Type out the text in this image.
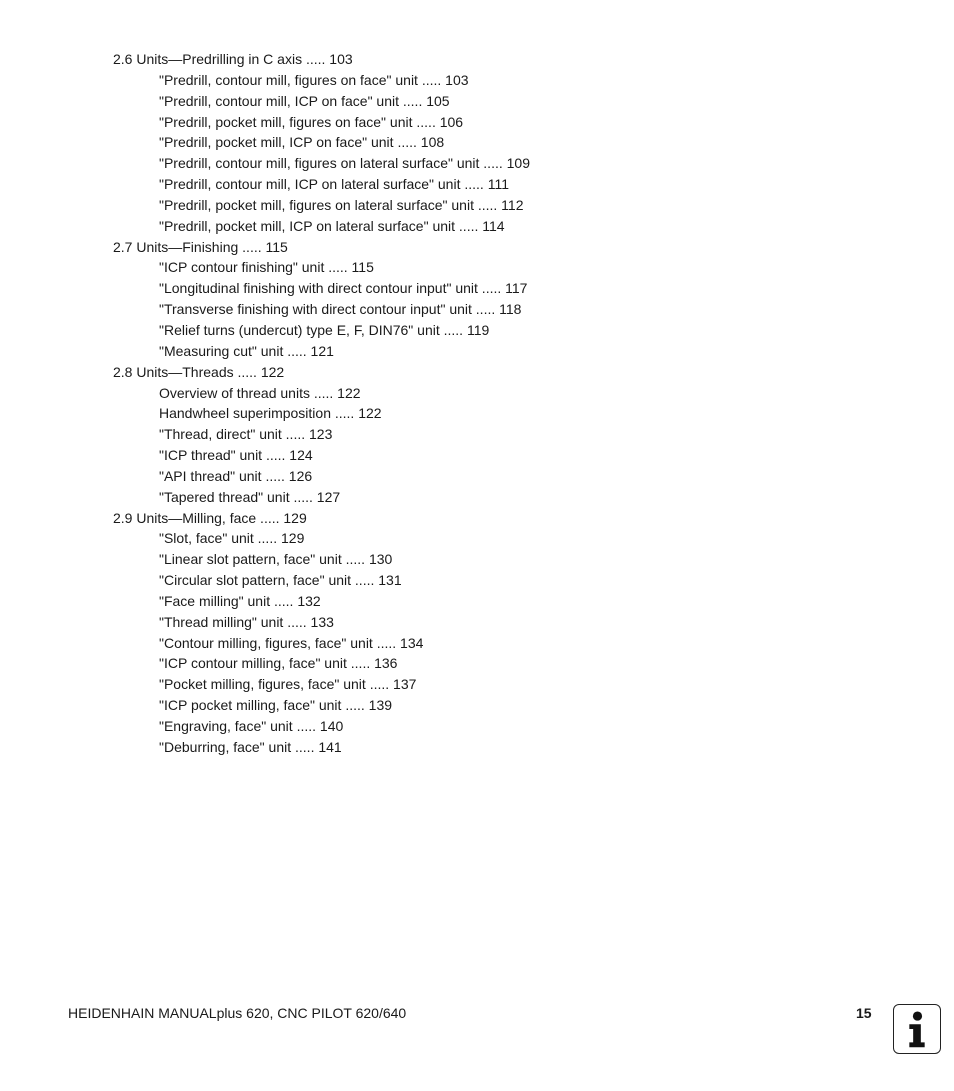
2.6 Units—Predrilling in C axis ..... 103
"Predrill, contour mill, figures on face" unit ..... 103
"Predrill, contour mill, ICP on face" unit ..... 105
"Predrill, pocket mill, figures on face" unit ..... 106
"Predrill, pocket mill, ICP on face" unit ..... 108
"Predrill, contour mill, figures on lateral surface" unit ..... 109
"Predrill, contour mill, ICP on lateral surface" unit ..... 111
"Predrill, pocket mill, figures on lateral surface" unit ..... 112
"Predrill, pocket mill, ICP on lateral surface" unit ..... 114
2.7 Units—Finishing ..... 115
"ICP contour finishing" unit ..... 115
"Longitudinal finishing with direct contour input" unit ..... 117
"Transverse finishing with direct contour input" unit ..... 118
"Relief turns (undercut) type E, F, DIN76" unit ..... 119
"Measuring cut" unit ..... 121
2.8 Units—Threads ..... 122
Overview of thread units ..... 122
Handwheel superimposition ..... 122
"Thread, direct" unit ..... 123
"ICP thread" unit ..... 124
"API thread" unit ..... 126
"Tapered thread" unit ..... 127
2.9 Units—Milling, face ..... 129
"Slot, face" unit ..... 129
"Linear slot pattern, face" unit ..... 130
"Circular slot pattern, face" unit ..... 131
"Face milling" unit ..... 132
"Thread milling" unit ..... 133
"Contour milling, figures, face" unit ..... 134
"ICP contour milling, face" unit ..... 136
"Pocket milling, figures, face" unit ..... 137
"ICP pocket milling, face" unit ..... 139
"Engraving, face" unit ..... 140
"Deburring, face" unit ..... 141
HEIDENHAIN MANUALplus 620, CNC PILOT 620/640	15
